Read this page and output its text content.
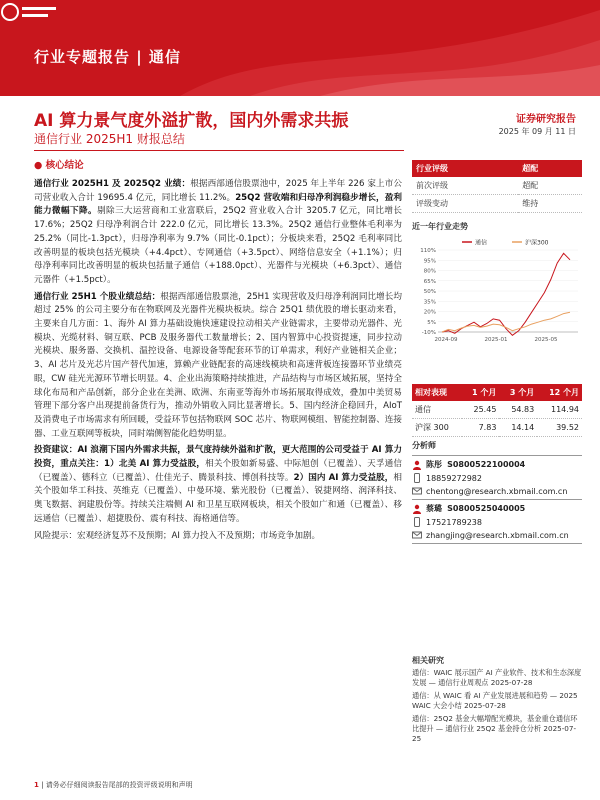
行业专题报告 | 通信
AI 算力景气度外溢扩散，国内外需求共振
通信行业 2025H1 财报总结
证券研究报告
2025 年 09 月 11 日
● 核心结论

通信行业 2025H1 及 2025Q2 业绩：根据西部通信股票池中，2025 年上半年 226 家上市公司营业收入合计 19695.4 亿元，同比增长 11.2%。25Q2 营收端和归母净利润稳步增长，盈利能力微幅下降。剔除三大运营商和工业富联后，25Q2 营业收入合计 3205.7 亿元，同比增长 17.6%；25Q2 归母净利润合计 222.0 亿元，同比增长 13.3%。25Q2 通信行业整体毛利率为 25.2%（同比-1.3pct），归母净利率为 9.7%（同比-0.1pct）；分板块来看，25Q2 毛利率同比改善明显的板块包括光模块（+4.4pct）、专网通信（+3.5pct）、网络信息安全（+1.1%）；归母净利率同比改善明显的板块包括量子通信（+188.0pct）、光器件与光模块（+6.3pct）、通信元器件（+1.5pct）。

通信行业 25H1 个股业绩总结：根据西部通信股票池，25H1 实现营收及归母净利润同比增长均超过 25% 的公司主要分布在物联网及光器件光模块板块。综合 25Q1 绩优股的增长驱动来看，主要来自几方面：1、海外 AI 算力基础设施快速建设拉动相关产业链需求，主要带动光器件、光模块、光缆材料、铜互联、PCB 及服务器代工数量增长；2、国内智算中心投资提速，同步拉动光模块、服务器、交换机、温控设备、电源设备等配套环节的订单需求，利好产业链相关企业；3、AI 芯片及光芯片国产替代加速，算赖产业链配套的高速线模块和高速背板连接器环节业绩亮眼，CW 硅光光源环节增长明显。4、企业出海策略持续推进，产品结构与市场区域拓展，坚持全球化布局和产品创新，部分企业在美洲、欧洲、东南亚等海外市场拓展取得成效，叠加中美贸易管理下部分客户出现提前备货行为，推动外销收入同比显著增长。5、国内经济企稳回升，AIoT 及消费电子市场需求有所回暖，受益环节包括物联网 SOC 芯片、物联网模组、智能控制器、连接器、工业互联网等板块，同时端侧智能化趋势明显。

投资建议：AI 浪潮下国内外需求共振，景气度持续外溢和扩散，更大范围的公司受益于 AI 算力投资，重点关注：1）北美 AI 算力受益股，相关个股如新易盛、中际旭创（已覆盖）、天孚通信（已覆盖）、德科立（已覆盖）、仕佳光子、腾景科技、博创科技等。2）国内 AI 算力受益股，相关个股如华工科技、英维克（已覆盖）、中曼环境、紫光股份（已覆盖）、锐捷网络、润泽科技、奥飞数据、润建股份等。持续关注端侧 AI 和卫星互联网板块，相关个股如广和通（已覆盖）、移远通信（已覆盖）、超捷股份、震有科技、海格通信等。

风险提示：宏观经济复苏不及预期；AI 算力投入不及预期；市场竞争加剧。

行业评级	超配
前次评级	超配
评级变动	维持
近一年行业走势
通信	沪深300
-10%
5%
20%
35%
50%
65%
80%
95%
110%
2024-09	2025-01	2025-05
相对表现	1 个月	3 个月	12 个月
通信	25.45	54.83	114.94
沪深 300	7.83	14.14	39.52
分析师
陈彤
S0800522100004
18859272982
chentong@research.xbmail.com.cn
蔡璐
S0800525040005
17521789238
zhangjing@research.xbmail.com.cn
相关研究
通信：WAIC 展示国产 AI 产业软件、技术和生态深度发展 — 通信行业周观点 2025-07-28
通信：从 WAIC 看 AI 产业发展进展和趋势 — 2025 WAIC 大会小结 2025-07-28
通信：25Q2 基金大幅增配光模块，基金重仓通信环比提升 — 通信行业 25Q2 基金持仓分析 2025-07-25
1 | 请务必仔细阅读报告尾部的投资评级说明和声明
